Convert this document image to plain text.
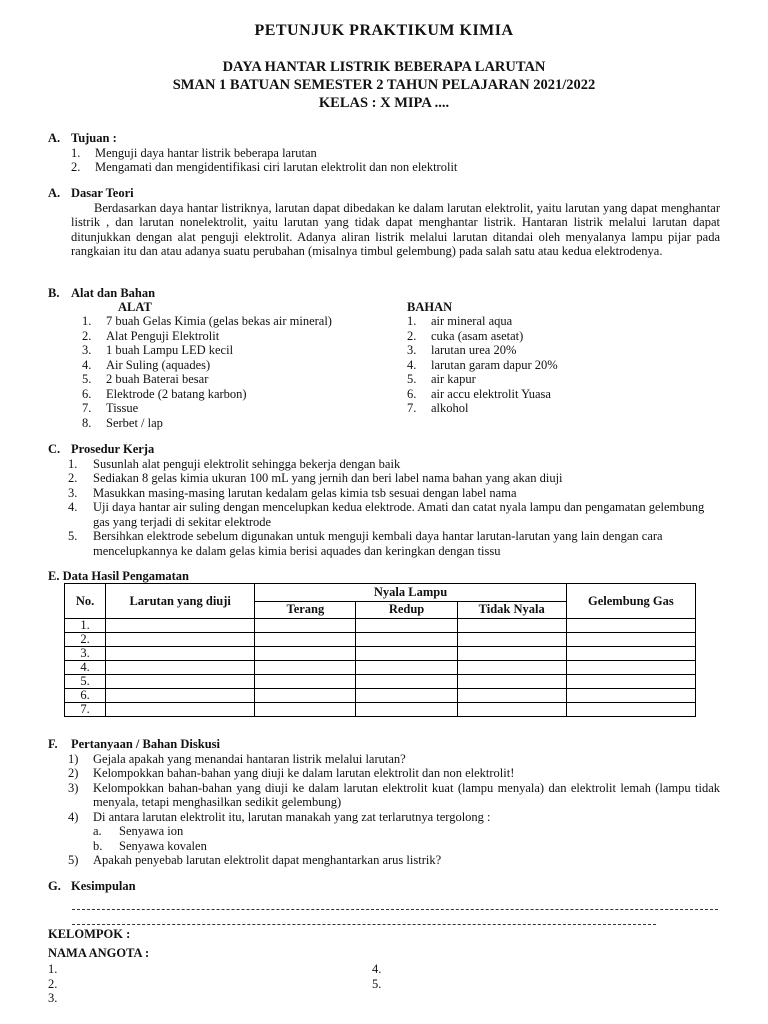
PETUNJUK PRAKTIKUM KIMIA
DAYA HANTAR LISTRIK BEBERAPA LARUTAN
SMAN 1 BATUAN SEMESTER 2 TAHUN PELAJARAN 2021/2022
KELAS : X MIPA ....
A. Tujuan :
1.	Menguji daya hantar listrik beberapa larutan
2.	Mengamati dan mengidentifikasi ciri larutan elektrolit dan non elektrolit
A. Dasar Teori
Berdasarkan daya hantar listriknya, larutan dapat dibedakan ke dalam larutan elektrolit, yaitu larutan yang dapat menghantar listrik , dan larutan nonelektrolit, yaitu larutan yang tidak dapat menghantar listrik. Hantaran listrik melalui larutan dapat ditunjukkan dengan alat penguji elektrolit. Adanya aliran listrik melalui larutan ditandai oleh menyalanya lampu pijar pada rangkaian itu dan atau adanya suatu perubahan (misalnya timbul gelembung) pada salah satu atau kedua elektrodenya.
B. Alat dan Bahan
ALAT	BAHAN
1.	7 buah Gelas Kimia (gelas bekas air mineral)
2.	Alat Penguji Elektrolit
3.	1 buah Lampu LED kecil
4.	Air Suling (aquades)
5.	2 buah Baterai besar
6.	Elektrode (2 batang karbon)
7.	Tissue
8.	Serbet / lap
1.	air mineral aqua
2.	cuka (asam asetat)
3.	larutan urea 20%
4.	larutan garam dapur 20%
5.	air kapur
6.	air accu elektrolit Yuasa
7.	alkohol
C. Prosedur Kerja
1.	Susunlah alat penguji elektrolit sehingga bekerja dengan baik
2.	Sediakan 8 gelas kimia ukuran 100 mL yang jernih dan beri label nama bahan yang akan diuji
3.	Masukkan masing-masing larutan kedalam gelas kimia tsb sesuai dengan label nama
4.	Uji daya hantar air suling dengan mencelupkan kedua elektrode. Amati dan catat nyala lampu dan pengamatan gelembung gas yang terjadi di sekitar elektrode
5.	Bersihkan elektrode sebelum digunakan untuk menguji kembali daya hantar larutan-larutan yang lain dengan cara mencelupkannya ke dalam gelas kimia berisi aquades dan keringkan dengan tissu
E. Data Hasil Pengamatan
No.	Larutan yang diuji	Nyala Lampu			Gelembung Gas
		Terang	Redup	Tidak Nyala	
1.					
2.					
3.					
4.					
5.					
6.					
7.					
F.	Pertanyaan / Bahan Diskusi
1)	Gejala apakah yang menandai hantaran listrik melalui larutan?
2)	Kelompokkan bahan-bahan yang diuji ke dalam larutan elektrolit dan non elektrolit!
3)	Kelompokkan bahan-bahan yang diuji ke dalam larutan elektrolit kuat (lampu menyala) dan elektrolit lemah (lampu tidak menyala, tetapi menghasilkan sedikit gelembung)
4)	Di antara larutan elektrolit itu, larutan manakah yang zat terlarutnya tergolong :
a.	Senyawa ion
b.	Senyawa kovalen
5)	Apakah penyebab larutan elektrolit dapat menghantarkan arus listrik?
G. Kesimpulan
KELOMPOK :
NAMA ANGOTA :
1.
2.
3.
4.
5.
